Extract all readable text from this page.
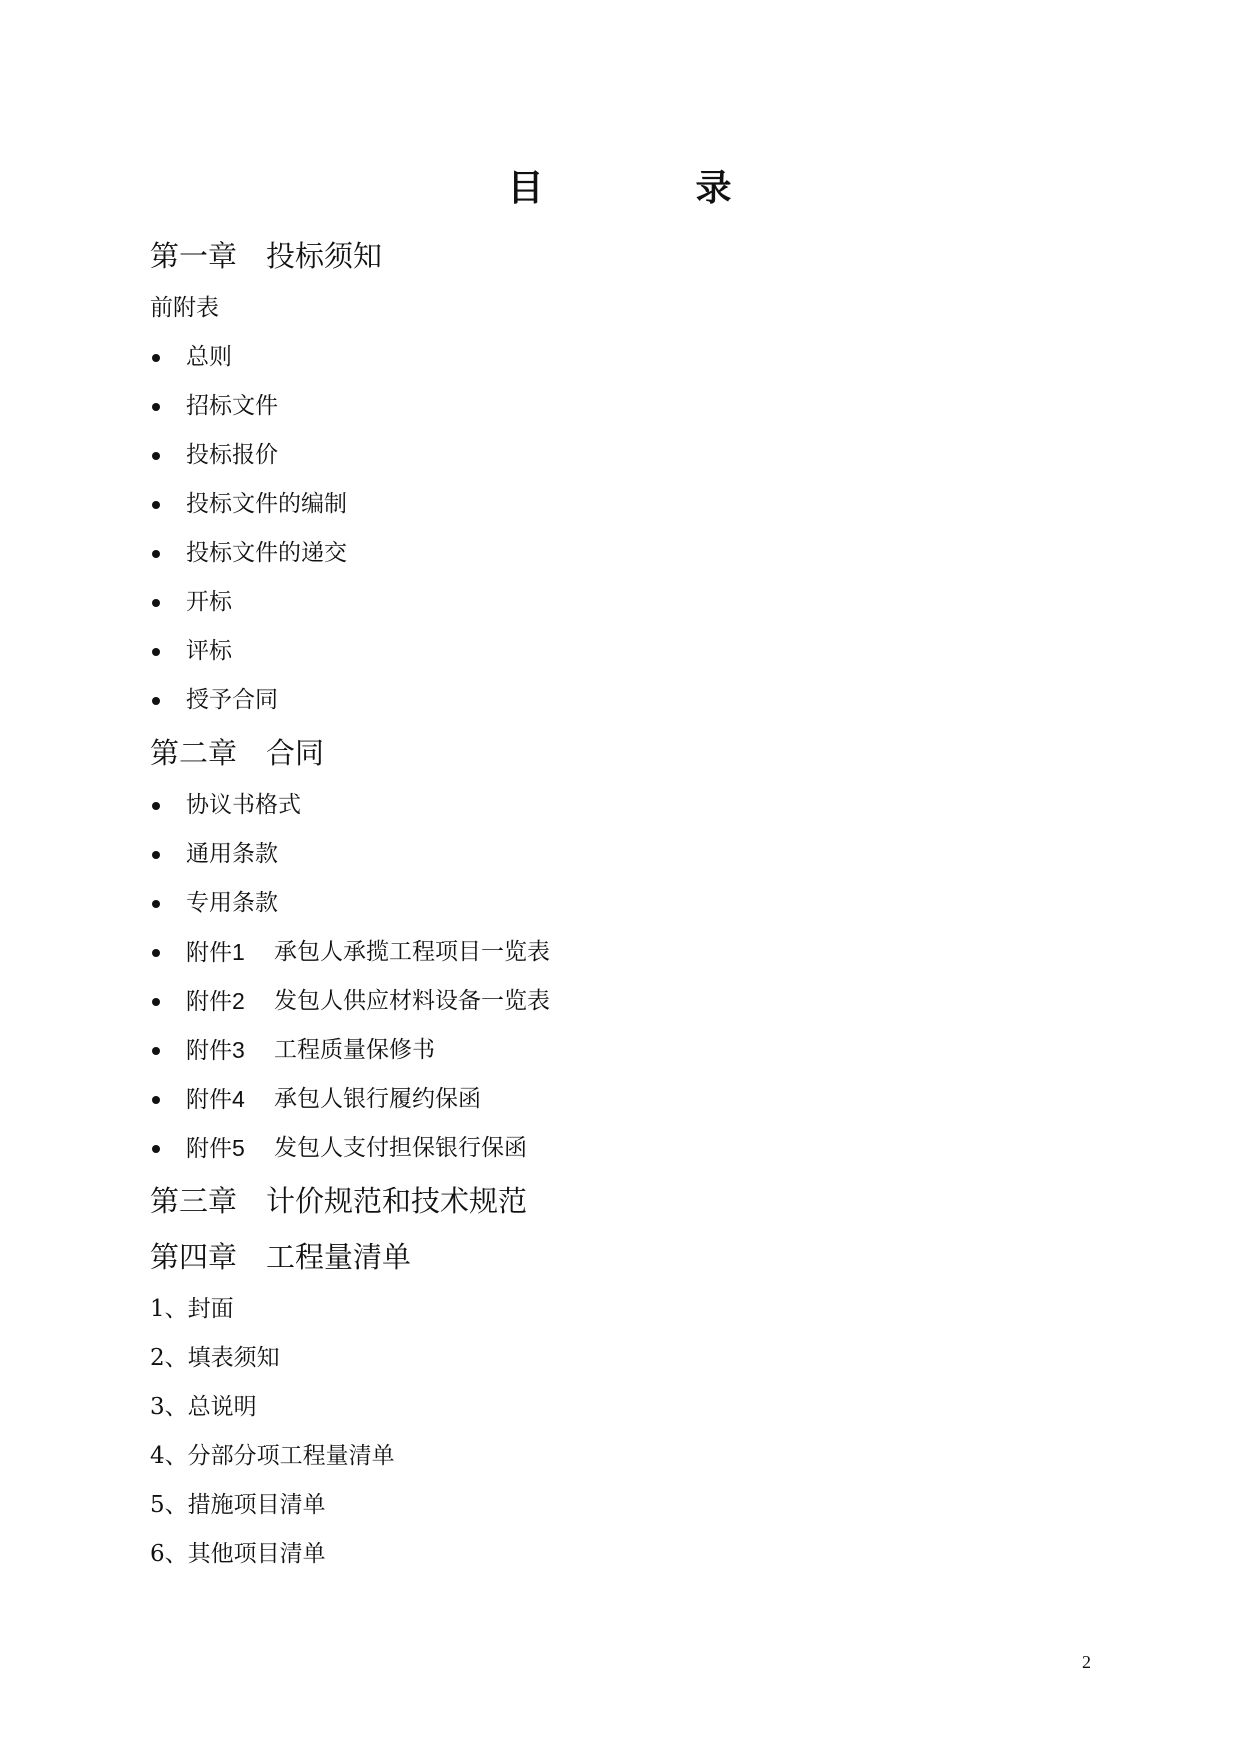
目	录
第一章 投标须知
前附表
总则
招标文件
投标报价
投标文件的编制
投标文件的递交
开标
评标
授予合同
第二章 合同
协议书格式
通用条款
专用条款
附件1	承包人承揽工程项目一览表
附件2	发包人供应材料设备一览表
附件3	工程质量保修书
附件4	承包人银行履约保函
附件5	发包人支付担保银行保函
第三章 计价规范和技术规范
第四章 工程量清单
1、封面
2、填表须知
3、总说明
4、分部分项工程量清单
5、措施项目清单
6、其他项目清单
2
